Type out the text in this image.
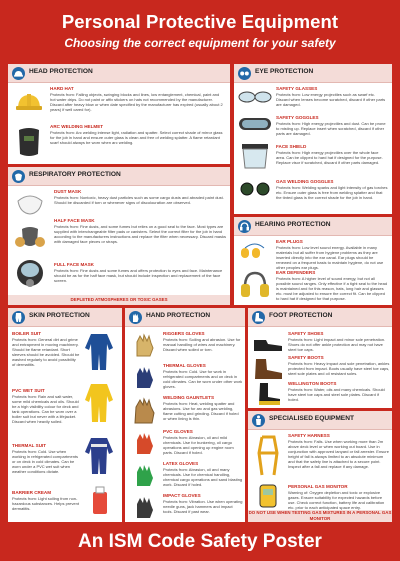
Personal Protective Equipment
Choosing the correct equipment for your safety
HEAD PROTECTION
HARD HAT
Protects from: Falling objects, swinging blocks and lines, low entanglement, chemical, paint and hot water drips. Do not paint or affix stickers on hats not recommended by the manufacturer. Discard after heavy blow or when date specified by the manufacturer has expired (usually about 2 years) if well cared for).
ARC WELDING HELMET
Protects from: Arc welding intense light, radiation and spatter. Select correct shade of mirror glass for the job in hand and ensure outer glass is clean and free of welding splatter. A flame retardant scarf should always be worn when arc welding.
EYE PROTECTION
SAFETY GLASSES
Protects from: Low energy projectiles such as swarf etc. Discard when lenses become scratched, discard if other parts are damaged.
SAFETY GOGGLES
Protects from: High energy projectiles and dust. Can be prone to misting up. Replace insert when scratched, discard if other parts are damaged.
FACE SHIELD
Protects from: High energy projectiles over the whole face area. Can be clipped to hard hat if designed for the purpose. Replace visor if scratched, discard if other parts damaged.
GAS WELDING GOGGLES
Protects from: Welding sparks and light intensity of gas torches etc. Ensure outer glass is free from welding splatter and that the tinted glass is the correct shade for the job in hand.
RESPIRATORY PROTECTION
DUST MASK
Protects from: Nontoxic, heavy dust particles such as some cargo dusts and abraded paint dust. Should be discarded if torn or whenever signs of discolouration are observed.
HALF FACE MASK
Protects from: Fine dusts, and some fumes but relies on a good seal to the face. Most types are supplied with interchangeable filter pads or canisters. Select the correct filter for the job in hand according to the manufacturers instructions and replace the filter when necessary. Discard masks with damaged face pieces or straps.
FULL FACE MASK
Protects from: Fine dusts and some fumes and offers protection to eyes and face. Maintenance should be as for the half face mask, but should include inspection and replacement of the face screen.
DEPLETED ATMOSPHERES OR TOXIC GASES
HEARING PROTECTION
EAR PLUGS
Protects from: Low level sound energy. Available in many materials but all suffer from hygiene problems as they are inserted directly into the ear canal. Ear plugs should be renewed on a frequent basis to maintain hygiene, do not use other peoples ear plugs.
EAR DEFENDERS
Protects from: A higher level of sound energy, but not all possible sound ranges. Only effective if a tight seal to the head is maintained and for this reason, hats, long hair and glasses etc. must be adjusted to ensure the correct fit. Can be clipped to hard hat if designed for that purpose.
SKIN PROTECTION
BOILER SUIT
Protects from: General dirt and grime and entrapment in moving machinery. Should be flame retardant. Short sleeves should be avoided. Should be washed regularly to avoid possibility of dermatitis.
PVC WET SUIT
Protects from: Rain and salt water, some mild chemicals and oils. Should be a high visibility colour for deck and tank operations. Can be worn over a boiler suit but never with a lifejacket. Discard when heavily soiled.
THERMAL SUIT
Protects from: Cold. Use when working in refrigerated compartments or on deck in cold climates. Can be worn under a PVC wet suit when weather conditions dictate.
BARRIER CREAM
Protects from: Light soiling from non-hazardous substances. Helps prevent dermatitis.
HAND PROTECTION
RIGGERS GLOVES
Protects from: Soiling and abrasion. Use for manual handling of wires and machinery. Discard when soiled or torn.
THERMAL GLOVES
Protects from: Cold. Use for work in refrigerated compartments and on deck in cold climates. Can be worn under other work gloves.
WELDING GAUNTLETS
Protects from: Heat, welding spatter and abrasions. Use for arc and gas welding, flame cutting and grinding. Discard if holed or when lining is thin.
PVC GLOVES
Protects from: Abrasion, oil and mild chemicals. Use for bunkering, oil cargo operations and opening up engine room parts. Discard if holed.
LATEX GLOVES
Protects from: Abrasion, oil and many chemicals. Use for chemical handling, chemical cargo operations and sand blasting work. Discard if holed.
IMPACT GLOVES
Protects from: Vibration. Use when operating needle guns, jack hammers and impact tools. Discard if past wear.
FOOT PROTECTION
SAFETY SHOES
Protects from: Light impact and minor sole penetration. Shoes do not offer ankle protection and may not have steel toe caps.
SAFETY BOOTS
Protects from: Heavy impact and sole penetration, ankles protected from impact. Boots usually have steel toe caps, steel sole plates and oil resistant soles.
WELLINGTON BOOTS
Protects from: Water, oils and many chemicals. Should have steel toe caps and steel sole plates. Discard if holed.
SPECIALISED EQUIPMENT
SAFETY HARNESS
Protects from: Falls. Use when working more than 2m above deck level or when working out board. Use in conjunction with approved lanyard or fall arrester. Ensure height of fall is always limited to an absolute minimum and that the safety line is attached to a secure point. Inspect after a fall and replace if any damage.
PERSONAL GAS MONITOR
Warning of: Oxygen depletion and toxic or explosive gases. Ensure suitability for expected hazards before use. Check correct function, battery life and calibration etc. prior to each anticipated space entry.
DO NOT USE WHEN TESTING GAS MIXTURES IN A PERSONAL GAS MONITOR
An ISM Code Safety Poster
